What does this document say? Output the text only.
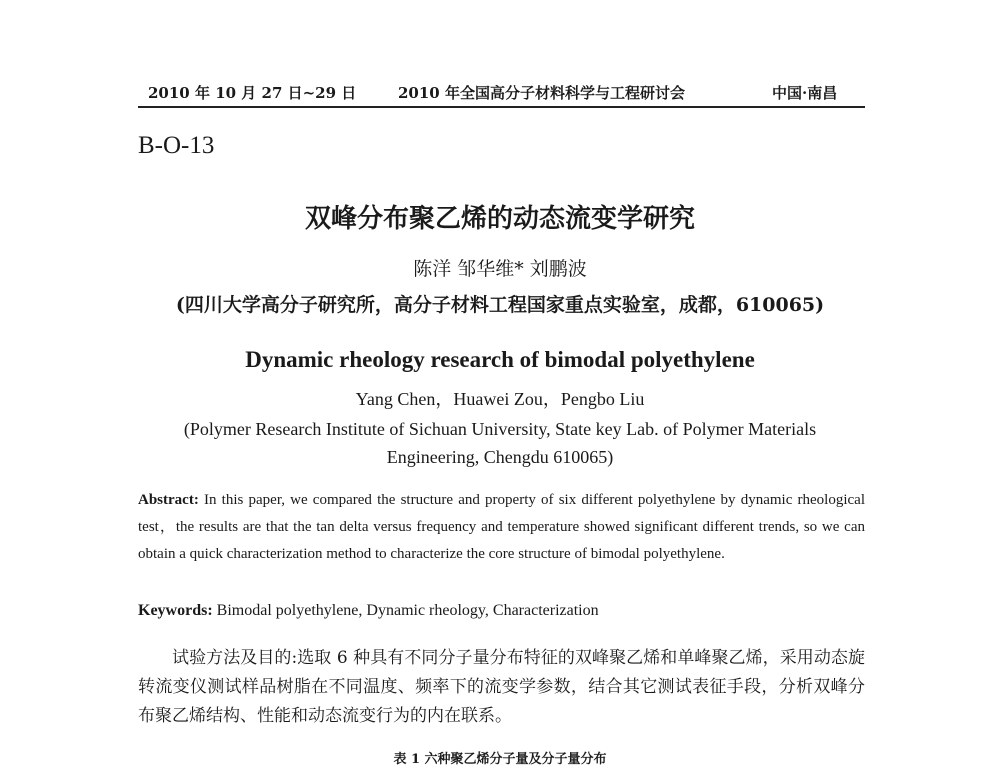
2010 年 10 月 27 日~29 日	2010 年全国高分子材料科学与工程研讨会	中国·南昌
B-O-13
双峰分布聚乙烯的动态流变学研究
陈洋 邹华维* 刘鹏波
(四川大学高分子研究所，高分子材料工程国家重点实验室，成都，610065)
Dynamic rheology research of bimodal polyethylene
Yang Chen，Huawei Zou，Pengbo Liu
(Polymer Research Institute of Sichuan University, State key Lab. of Polymer Materials
Engineering, Chengdu 610065)
Abstract: In this paper, we compared the structure and property of six different polyethylene by dynamic rheological test，the results are that the tan delta versus frequency and temperature showed significant different trends, so we can obtain a quick characterization method to characterize the core structure of bimodal polyethylene.
Keywords: Bimodal polyethylene, Dynamic rheology, Characterization
试验方法及目的:选取 6 种具有不同分子量分布特征的双峰聚乙烯和单峰聚乙烯，采用动态旋转流变仪测试样品树脂在不同温度、频率下的流变学参数，结合其它测试表征手段，分析双峰分布聚乙烯结构、性能和动态流变行为的内在联系。
表 1 六种聚乙烯分子量及分子量分布
